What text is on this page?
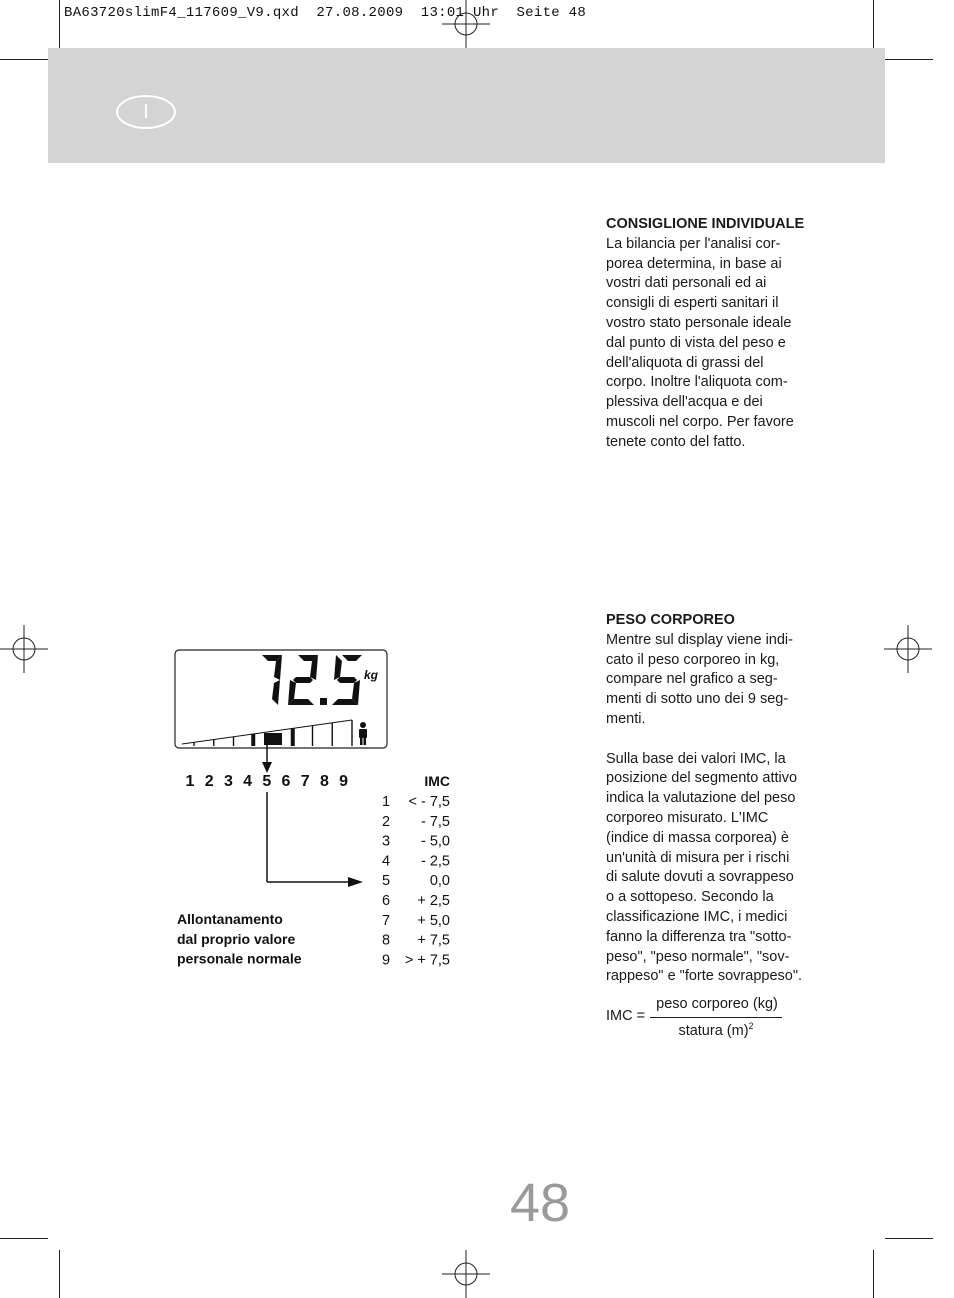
BA63720slimF4_117609_V9.qxd  27.08.2009  13:01 Uhr  Seite 48
I
CONSIGLIONE INDIVIDUALE

La bilancia per l'analisi cor-
porea determina, in base ai
vostri dati personali ed ai
consigli di esperti sanitari il
vostro stato personale ideale
dal punto di vista del peso e
dell'aliquota di grassi del
corpo. Inoltre l'aliquota com-
plessiva dell'acqua e dei
muscoli nel corpo. Per favore
tenete conto del fatto.

PESO CORPOREO

Mentre sul display viene indi-
cato il peso corporeo in kg,
compare nel grafico a seg-
menti di sotto uno dei 9 seg-
menti.

Sulla base dei valori IMC, la
posizione del segmento attivo
indica la valutazione del peso
corporeo misurato. L'IMC
(indice di massa corporea) è
un'unità di misura per i rischi
di salute dovuti a sovrappeso
o a sottopeso. Secondo la
classificazione IMC, i medici
fanno la differenza tra "sotto-
peso", "peso normale", "sov-
rappeso" e "forte sovrappeso".

IMC =
peso corporeo (kg)
statura $(m)^2$
kg
1 2 3 4 5 6 7 8 9	IMC
1 < - 7,5
2 - 7,5
3 - 5,0
4 - 2,5
5	0,0
6 + 2,5
7 + 5,0
8 + 7,5
9 > + 7,5
Allontanamento
dal proprio valore
personale normale
48
